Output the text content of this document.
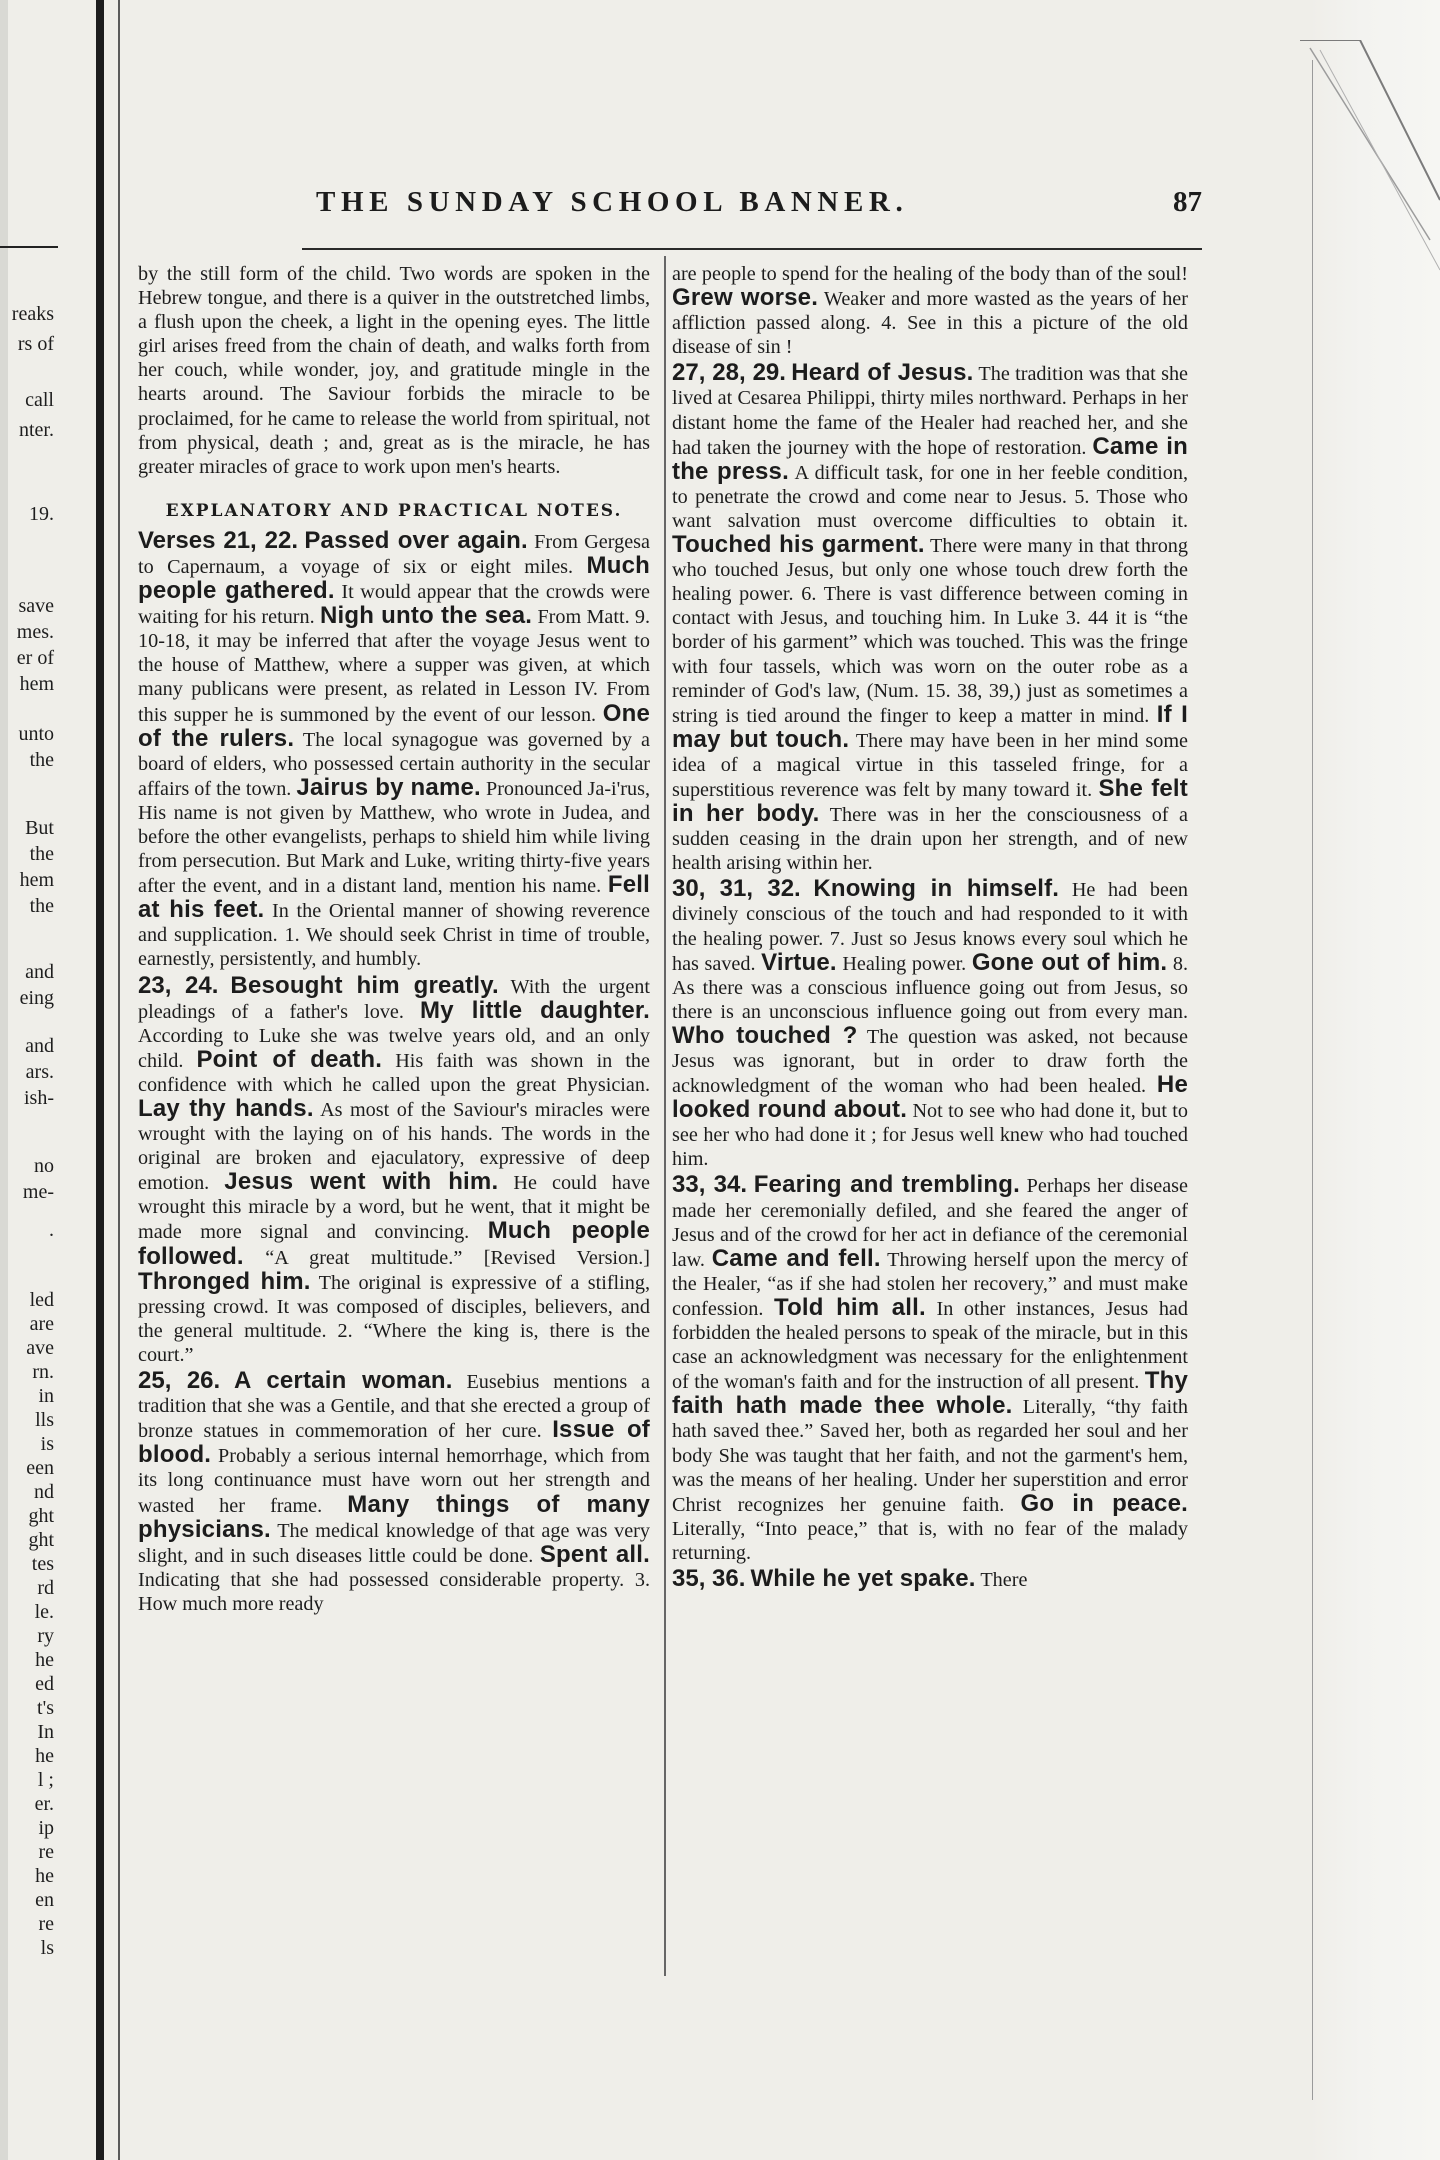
reaks
rs of
call
nter.
19.
save
mes.
er of
hem
unto
the
But
the
hem
the
and
eing
and
ars.
ish-
no
me-
.
led
are
ave
rn.
in
lls
is
een
nd
ght
ght
tes
rd
le.
ry
he
ed
t's
In
he
l ;
er.
ip
re
he
en
re
ls
THE SUNDAY SCHOOL BANNER.	87

by the still form of the child. Two words are spoken in the Hebrew tongue, and there is a quiver in the outstretched limbs, a flush upon the cheek, a light in the opening eyes. The little girl arises freed from the chain of death, and walks forth from her couch, while wonder, joy, and gratitude mingle in the hearts around. The Saviour forbids the miracle to be proclaimed, for he came to release the world from spiritual, not from physical, death ; and, great as is the miracle, he has greater miracles of grace to work upon men's hearts.

EXPLANATORY AND PRACTICAL NOTES.

Verses 21, 22. Passed over again. From Gergesa to Capernaum, a voyage of six or eight miles. Much people gathered. It would appear that the crowds were waiting for his return. Nigh unto the sea. From Matt. 9. 10-18, it may be inferred that after the voyage Jesus went to the house of Matthew, where a supper was given, at which many publicans were present, as related in Lesson IV. From this supper he is summoned by the event of our lesson. One of the rulers. The local synagogue was governed by a board of elders, who possessed certain authority in the secular affairs of the town. Jairus by name. Pronounced Ja-i'rus, His name is not given by Matthew, who wrote in Judea, and before the other evangelists, perhaps to shield him while living from persecution. But Mark and Luke, writing thirty-five years after the event, and in a distant land, mention his name. Fell at his feet. In the Oriental manner of showing reverence and supplication. 1. We should seek Christ in time of trouble, earnestly, persistently, and humbly.

23, 24. Besought him greatly. With the urgent pleadings of a father's love. My little daughter. According to Luke she was twelve years old, and an only child. Point of death. His faith was shown in the confidence with which he called upon the great Physician. Lay thy hands. As most of the Saviour's miracles were wrought with the laying on of his hands. The words in the original are broken and ejaculatory, expressive of deep emotion. Jesus went with him. He could have wrought this miracle by a word, but he went, that it might be made more signal and convincing. Much people followed. “A great multitude.” [Revised Version.] Thronged him. The original is expressive of a stifling, pressing crowd. It was composed of disciples, believers, and the general multitude. 2. “Where the king is, there is the court.”

25, 26. A certain woman. Eusebius mentions a tradition that she was a Gentile, and that she erected a group of bronze statues in commemoration of her cure. Issue of blood. Probably a serious internal hemorrhage, which from its long continuance must have worn out her strength and wasted her frame. Many things of many physicians. The medical knowledge of that age was very slight, and in such diseases little could be done. Spent all. Indicating that she had possessed considerable property. 3. How much more ready

are people to spend for the healing of the body than of the soul! Grew worse. Weaker and more wasted as the years of her affliction passed along. 4. See in this a picture of the old disease of sin !

27, 28, 29. Heard of Jesus. The tradition was that she lived at Cesarea Philippi, thirty miles northward. Perhaps in her distant home the fame of the Healer had reached her, and she had taken the journey with the hope of restoration. Came in the press. A difficult task, for one in her feeble condition, to penetrate the crowd and come near to Jesus. 5. Those who want salvation must overcome difficulties to obtain it. Touched his garment. There were many in that throng who touched Jesus, but only one whose touch drew forth the healing power. 6. There is vast difference between coming in contact with Jesus, and touching him. In Luke 3. 44 it is “the border of his garment” which was touched. This was the fringe with four tassels, which was worn on the outer robe as a reminder of God's law, (Num. 15. 38, 39,) just as sometimes a string is tied around the finger to keep a matter in mind. If I may but touch. There may have been in her mind some idea of a magical virtue in this tasseled fringe, for a superstitious reverence was felt by many toward it. She felt in her body. There was in her the consciousness of a sudden ceasing in the drain upon her strength, and of new health arising within her.

30, 31, 32. Knowing in himself. He had been divinely conscious of the touch and had responded to it with the healing power. 7. Just so Jesus knows every soul which he has saved. Virtue. Healing power. Gone out of him. 8. As there was a conscious influence going out from Jesus, so there is an unconscious influence going out from every man. Who touched ? The question was asked, not because Jesus was ignorant, but in order to draw forth the acknowledgment of the woman who had been healed. He looked round about. Not to see who had done it, but to see her who had done it ; for Jesus well knew who had touched him.

33, 34. Fearing and trembling. Perhaps her disease made her ceremonially defiled, and she feared the anger of Jesus and of the crowd for her act in defiance of the ceremonial law. Came and fell. Throwing herself upon the mercy of the Healer, “as if she had stolen her recovery,” and must make confession. Told him all. In other instances, Jesus had forbidden the healed persons to speak of the miracle, but in this case an acknowledgment was necessary for the enlightenment of the woman's faith and for the instruction of all present. Thy faith hath made thee whole. Literally, “thy faith hath saved thee.” Saved her, both as regarded her soul and her body She was taught that her faith, and not the garment's hem, was the means of her healing. Under her superstition and error Christ recognizes her genuine faith. Go in peace. Literally, “Into peace,” that is, with no fear of the malady returning.

35, 36. While he yet spake. There
